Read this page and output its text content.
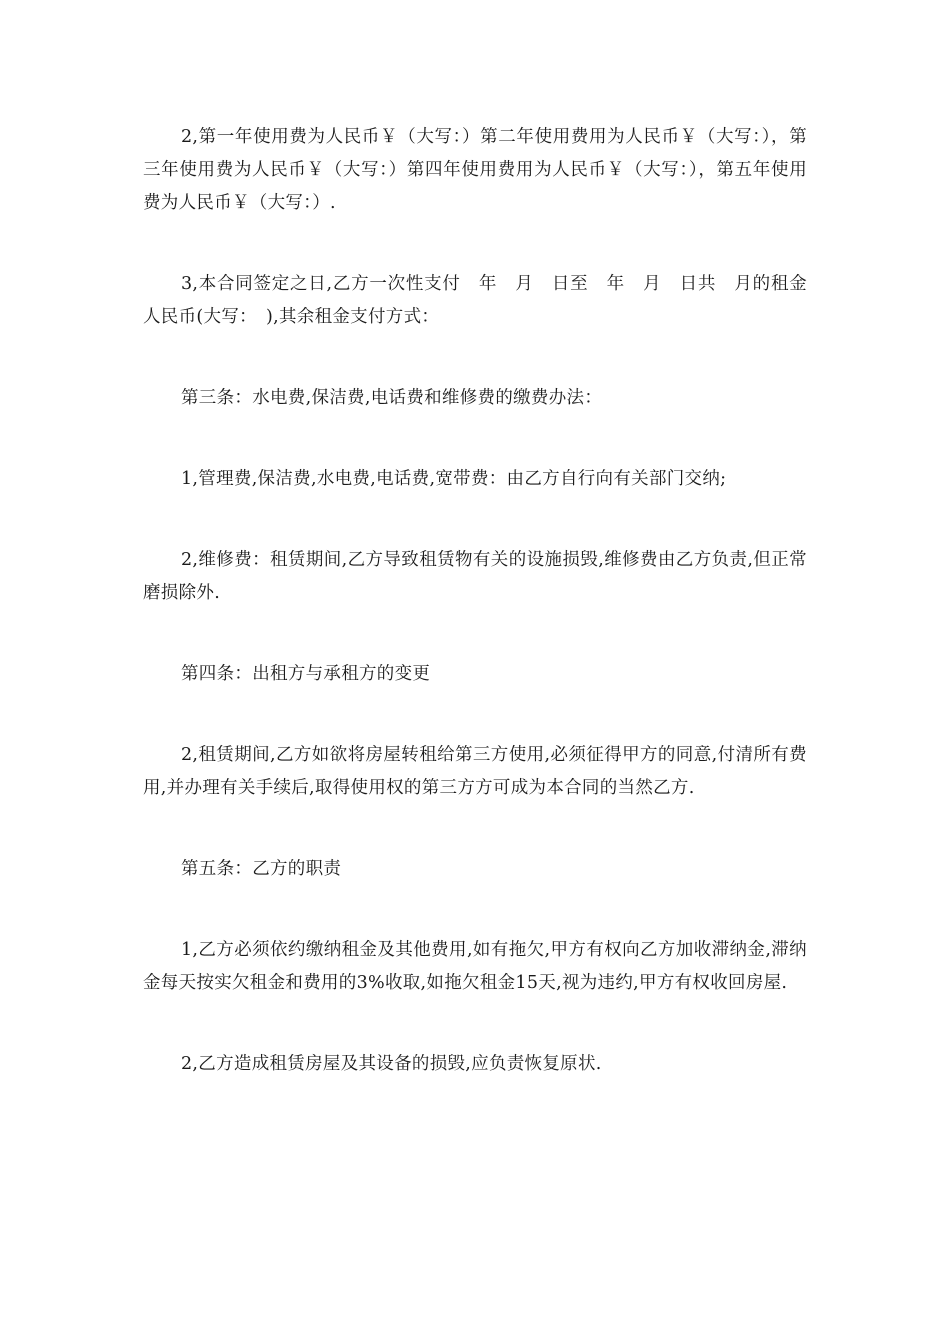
2,第一年使用费为人民币￥（大写：）第二年使用费用为人民币￥（大写：），第三年使用费为人民币￥（大写：）第四年使用费用为人民币￥（大写：），第五年使用费为人民币￥（大写：）.

3,本合同签定之日,乙方一次性支付　年　月　日至　年　月　日共　月的租金人民币(大写：　),其余租金支付方式：

第三条：水电费,保洁费,电话费和维修费的缴费办法：

1,管理费,保洁费,水电费,电话费,宽带费：由乙方自行向有关部门交纳;

2,维修费：租赁期间,乙方导致租赁物有关的设施损毁,维修费由乙方负责,但正常磨损除外.

第四条：出租方与承租方的变更

2,租赁期间,乙方如欲将房屋转租给第三方使用,必须征得甲方的同意,付清所有费用,并办理有关手续后,取得使用权的第三方方可成为本合同的当然乙方.

第五条：乙方的职责

1,乙方必须依约缴纳租金及其他费用,如有拖欠,甲方有权向乙方加收滞纳金,滞纳金每天按实欠租金和费用的3%收取,如拖欠租金15天,视为违约,甲方有权收回房屋.

2,乙方造成租赁房屋及其设备的损毁,应负责恢复原状.
